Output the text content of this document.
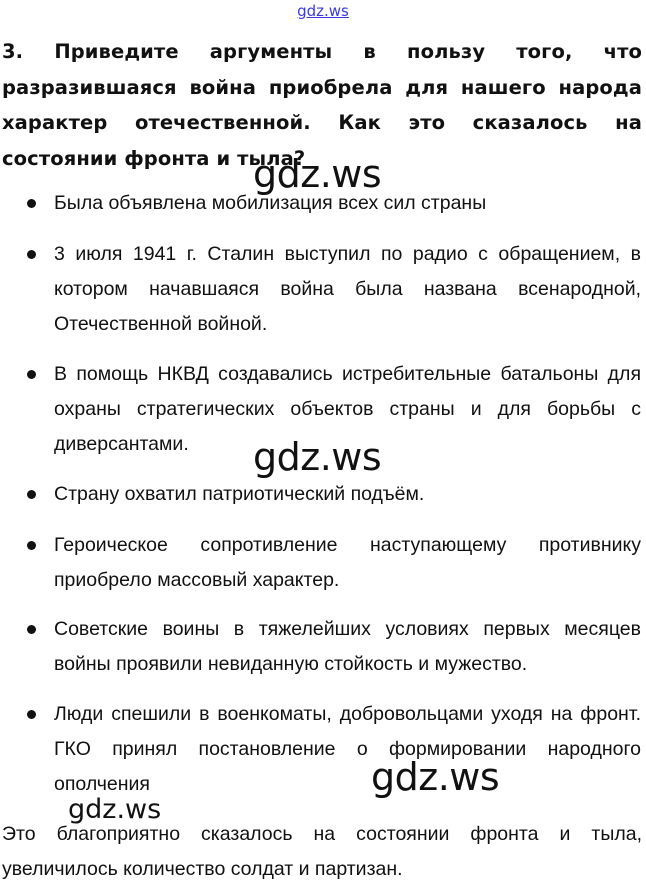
gdz.ws
3. Приведите аргументы в пользу того, что разразившаяся война приобрела для нашего народа характер отечественной. Как это сказалось на состоянии фронта и тыла?
gdz.ws
Была объявлена мобилизация всех сил страны
3 июля 1941 г. Сталин выступил по радио с обращением, в котором начавшаяся война была названа всенародной, Отечественной войной.
В помощь НКВД создавались истребительные батальоны для охраны стратегических объектов страны и для борьбы с диверсантами.
Страну охватил патриотический подъём.
Героическое сопротивление наступающему противнику приобрело массовый характер.
Советские воины в тяжелейших условиях первых месяцев войны проявили невиданную стойкость и мужество.
Люди спешили в военкоматы, добровольцами уходя на фронт. ГКО принял постановление о формировании народного ополчения
gdz.ws
gdz.ws
gdz.ws
Это благоприятно сказалось на состоянии фронта и тыла, увеличилось количество солдат и партизан.
